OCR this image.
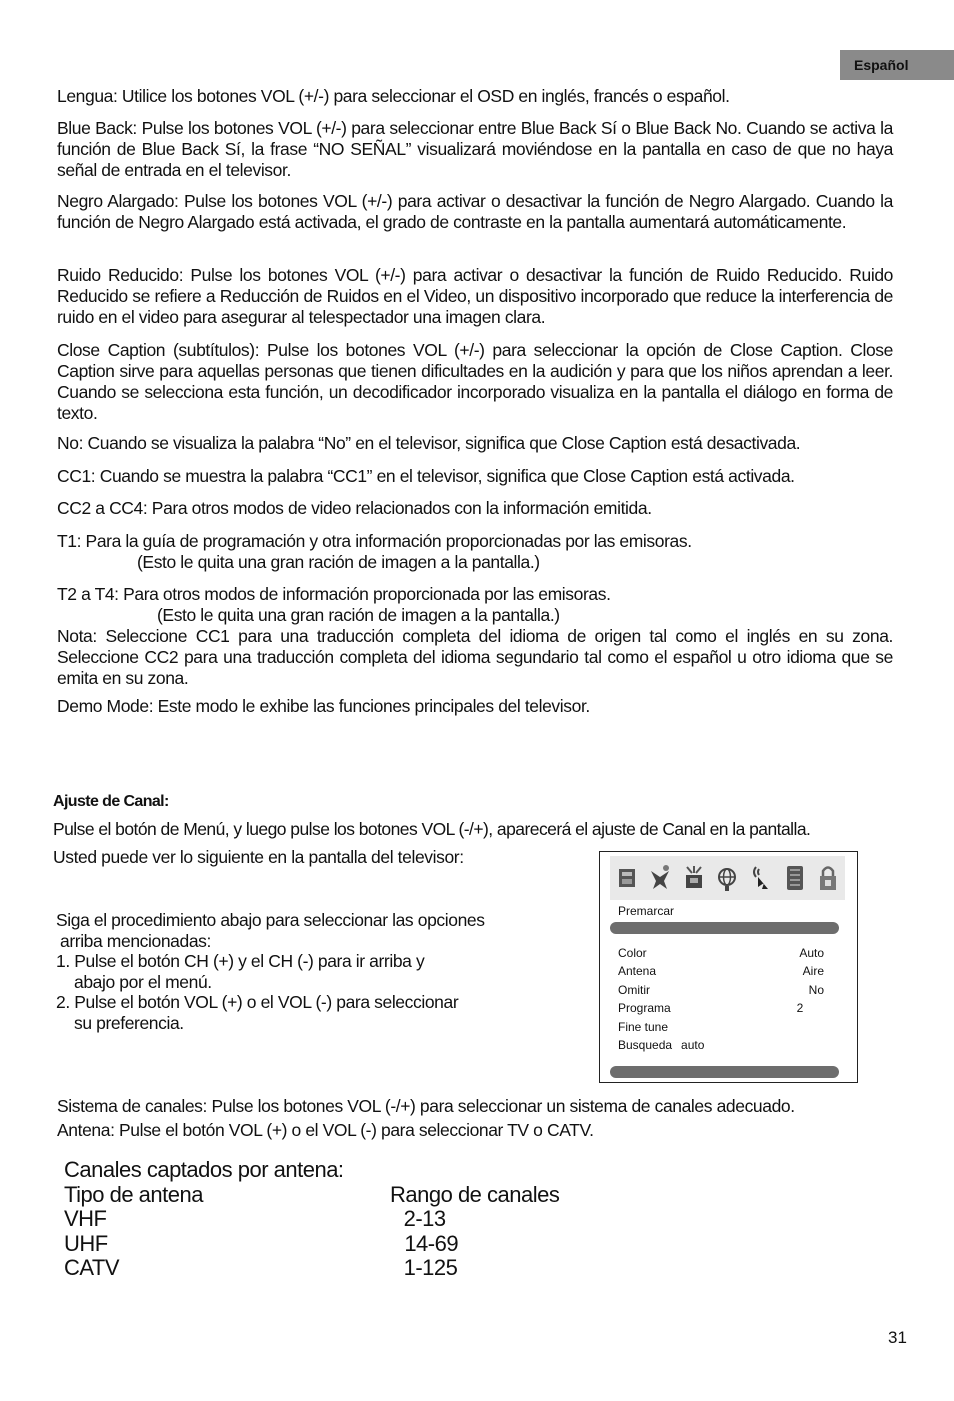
Español

Lengua: Utilice los botones VOL (+/-) para seleccionar el OSD en inglés, francés o español.

Blue Back: Pulse los botones VOL (+/-) para seleccionar entre Blue Back Sí o Blue Back No. Cuando se activa la función de Blue Back Sí, la frase “NO SEÑAL” visualizará moviéndose en la pantalla en caso de que no haya señal de entrada en el televisor.

Negro Alargado: Pulse los botones VOL (+/-) para activar o desactivar la función de Negro Alargado. Cuando la función de Negro Alargado está activada, el grado de contraste en la pantalla aumentará automáticamente.

Ruido Reducido: Pulse los botones VOL (+/-) para activar o desactivar la función de Ruido Reducido. Ruido Reducido se refiere a Reducción de Ruidos en el Video, un dispositivo incorporado que reduce la interferencia de ruido en el video para asegurar al telespectador una imagen clara.

Close Caption (subtítulos): Pulse los botones VOL (+/-) para seleccionar la opción de Close Caption. Close Caption sirve para aquellas personas que tienen dificultades en la audición y para que los niños aprendan a leer. Cuando se selecciona esta función, un decodificador incorporado visualiza en la pantalla el diálogo en forma de texto.

No: Cuando se visualiza la palabra “No” en el televisor, significa que Close Caption está desactivada.

CC1: Cuando se muestra la palabra “CC1” en el televisor, significa que Close Caption está activada.

CC2 a CC4: Para otros modos de video relacionados con la información emitida.

T1: Para la guía de programación y otra información proporcionadas por las emisoras.
(Esto le quita una gran ración de imagen a la pantalla.)
T2 a T4: Para otros modos de información proporcionada por las emisoras.
(Esto le quita una gran ración de imagen a la pantalla.)

Nota: Seleccione CC1 para una traducción completa del idioma de origen tal como el inglés en su zona. Seleccione CC2 para una traducción completa del idioma segundario tal como el español u otro idioma que se emita en su zona.

Demo Mode: Este modo le exhibe las funciones principales del televisor.

Ajuste de Canal:

Pulse el botón de Menú, y luego pulse los botones VOL (-/+), aparecerá el ajuste de Canal en la pantalla.

Usted puede ver lo siguiente en la pantalla del televisor:

Siga el procedimiento abajo para seleccionar las opciones
arriba mencionadas:
1. Pulse el botón CH (+) y el CH (-) para ir arriba y
abajo por el menú.
2. Pulse el botón VOL (+) o el VOL (-) para seleccionar
su preferencia.
Premarcar
Color	Auto
Antena	Aire
Omitir	No
Programa	2
Fine tune
Busqueda auto

Sistema de canales: Pulse los botones VOL (-/+) para seleccionar un sistema de canales adecuado.

Antena: Pulse el botón VOL (+) o el VOL (-) para seleccionar TV o CATV.

Canales captados por antena:
Tipo de antena	Rango de canales
VHF	2-13
UHF	14-69
CATV	1-125
31
